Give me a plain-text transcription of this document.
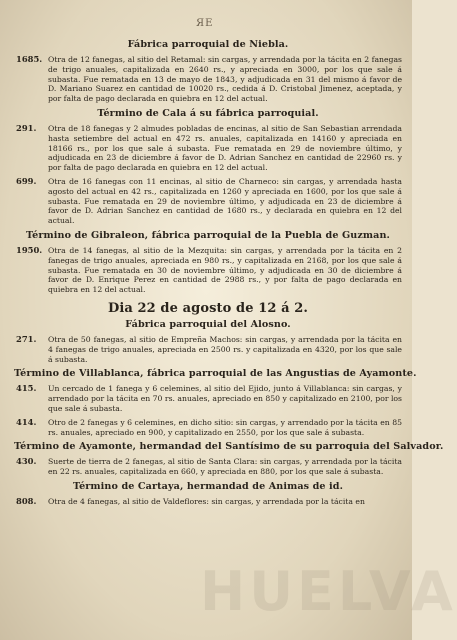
ЯЕ
Fábrica parroquial de Niebla.
1685. Otra de 12 fanegas, al sitio del Retamal: sin cargas, y arrendada por la tácita en 2 fanegas de trigo anuales, capitalizada en 2640 rs., y apreciada en 3000, por los que sale á subasta. Fue rematada en 13 de mayo de 1843, y adjudicada en 31 del mismo á favor de D. Mariano Suarez en cantidad de 10020 rs., cedida á D. Cristobal Jimenez, aceptada, y por falta de pago declarada en quiebra en 12 del actual.
Término de Cala á su fábrica parroquial.
291. Otra de 18 fanegas y 2 almudes pobladas de encinas, al sitio de San Sebastian arrendada hasta setiembre del actual en 472 rs. anuales, capitalizada en 14160 y apreciada en 18166 rs., por los que sale á subasta. Fue rematada en 29 de noviembre último, y adjudicada en 23 de diciembre á favor de D. Adrian Sanchez en cantidad de 22960 rs. y por falta de pago declarada en quiebra en 12 del actual.
699. Otra de 16 fanegas con 11 encinas, al sitio de Charneco: sin cargas, y arrendada hasta agosto del actual en 42 rs., capitalizada en 1260 y apreciada en 1600, por los que sale á subasta. Fue rematada en 29 de noviembre último, y adjudicada en 23 de diciembre á favor de D. Adrian Sanchez en cantidad de 1680 rs., y declarada en quiebra en 12 del actual.
Término de Gibraleon, fábrica parroquial de la Puebla de Guzman.
1950. Otra de 14 fanegas, al sitio de la Mezquita: sin cargas, y arrendada por la tácita en 2 fanegas de trigo anuales, apreciada en 980 rs., y capitalizada en 2168, por los que sale á subasta. Fue rematada en 30 de noviembre último, y adjudicada en 30 de diciembre á favor de D. Enrique Perez en cantidad de 2988 rs., y por falta de pago declarada en quiebra en 12 del actual.
Dia 22 de agosto de 12 á 2.
Fábrica parroquial del Alosno.
271. Otra de 50 fanegas, al sitio de Empreña Machos: sin cargas, y arrendada por la tácita en 4 fanegas de trigo anuales, apreciada en 2500 rs. y capitalizada en 4320, por los que sale á subasta.
Término de Villablanca, fábrica parroquial de las Angustias de Ayamonte.
415. Un cercado de 1 fanega y 6 celemines, al sitio del Ejido, junto á Villablanca: sin cargas, y arrendado por la tácita en 70 rs. anuales, apreciado en 850 y capitalizado en 2100, por los que sale á subasta.
414. Otro de 2 fanegas y 6 celemines, en dicho sitio: sin cargas, y arrendado por la tácita en 85 rs. anuales, apreciado en 900, y capitalizado en 2550, por los que sale á subasta.
Término de Ayamonte, hermandad del Santísimo de su parroquia del Salvador.
430. Suerte de tierra de 2 fanegas, al sitio de Santa Clara: sin cargas, y arrendada por la tácita en 22 rs. anuales, capitalizada en 660, y apreciada en 880, por los que sale á subasta.
Término de Cartaya, hermandad de Animas de id.
808. Otra de 4 fanegas, al sitio de Valdeflores: sin cargas, y arrendada por la tácita en
HUELVA
